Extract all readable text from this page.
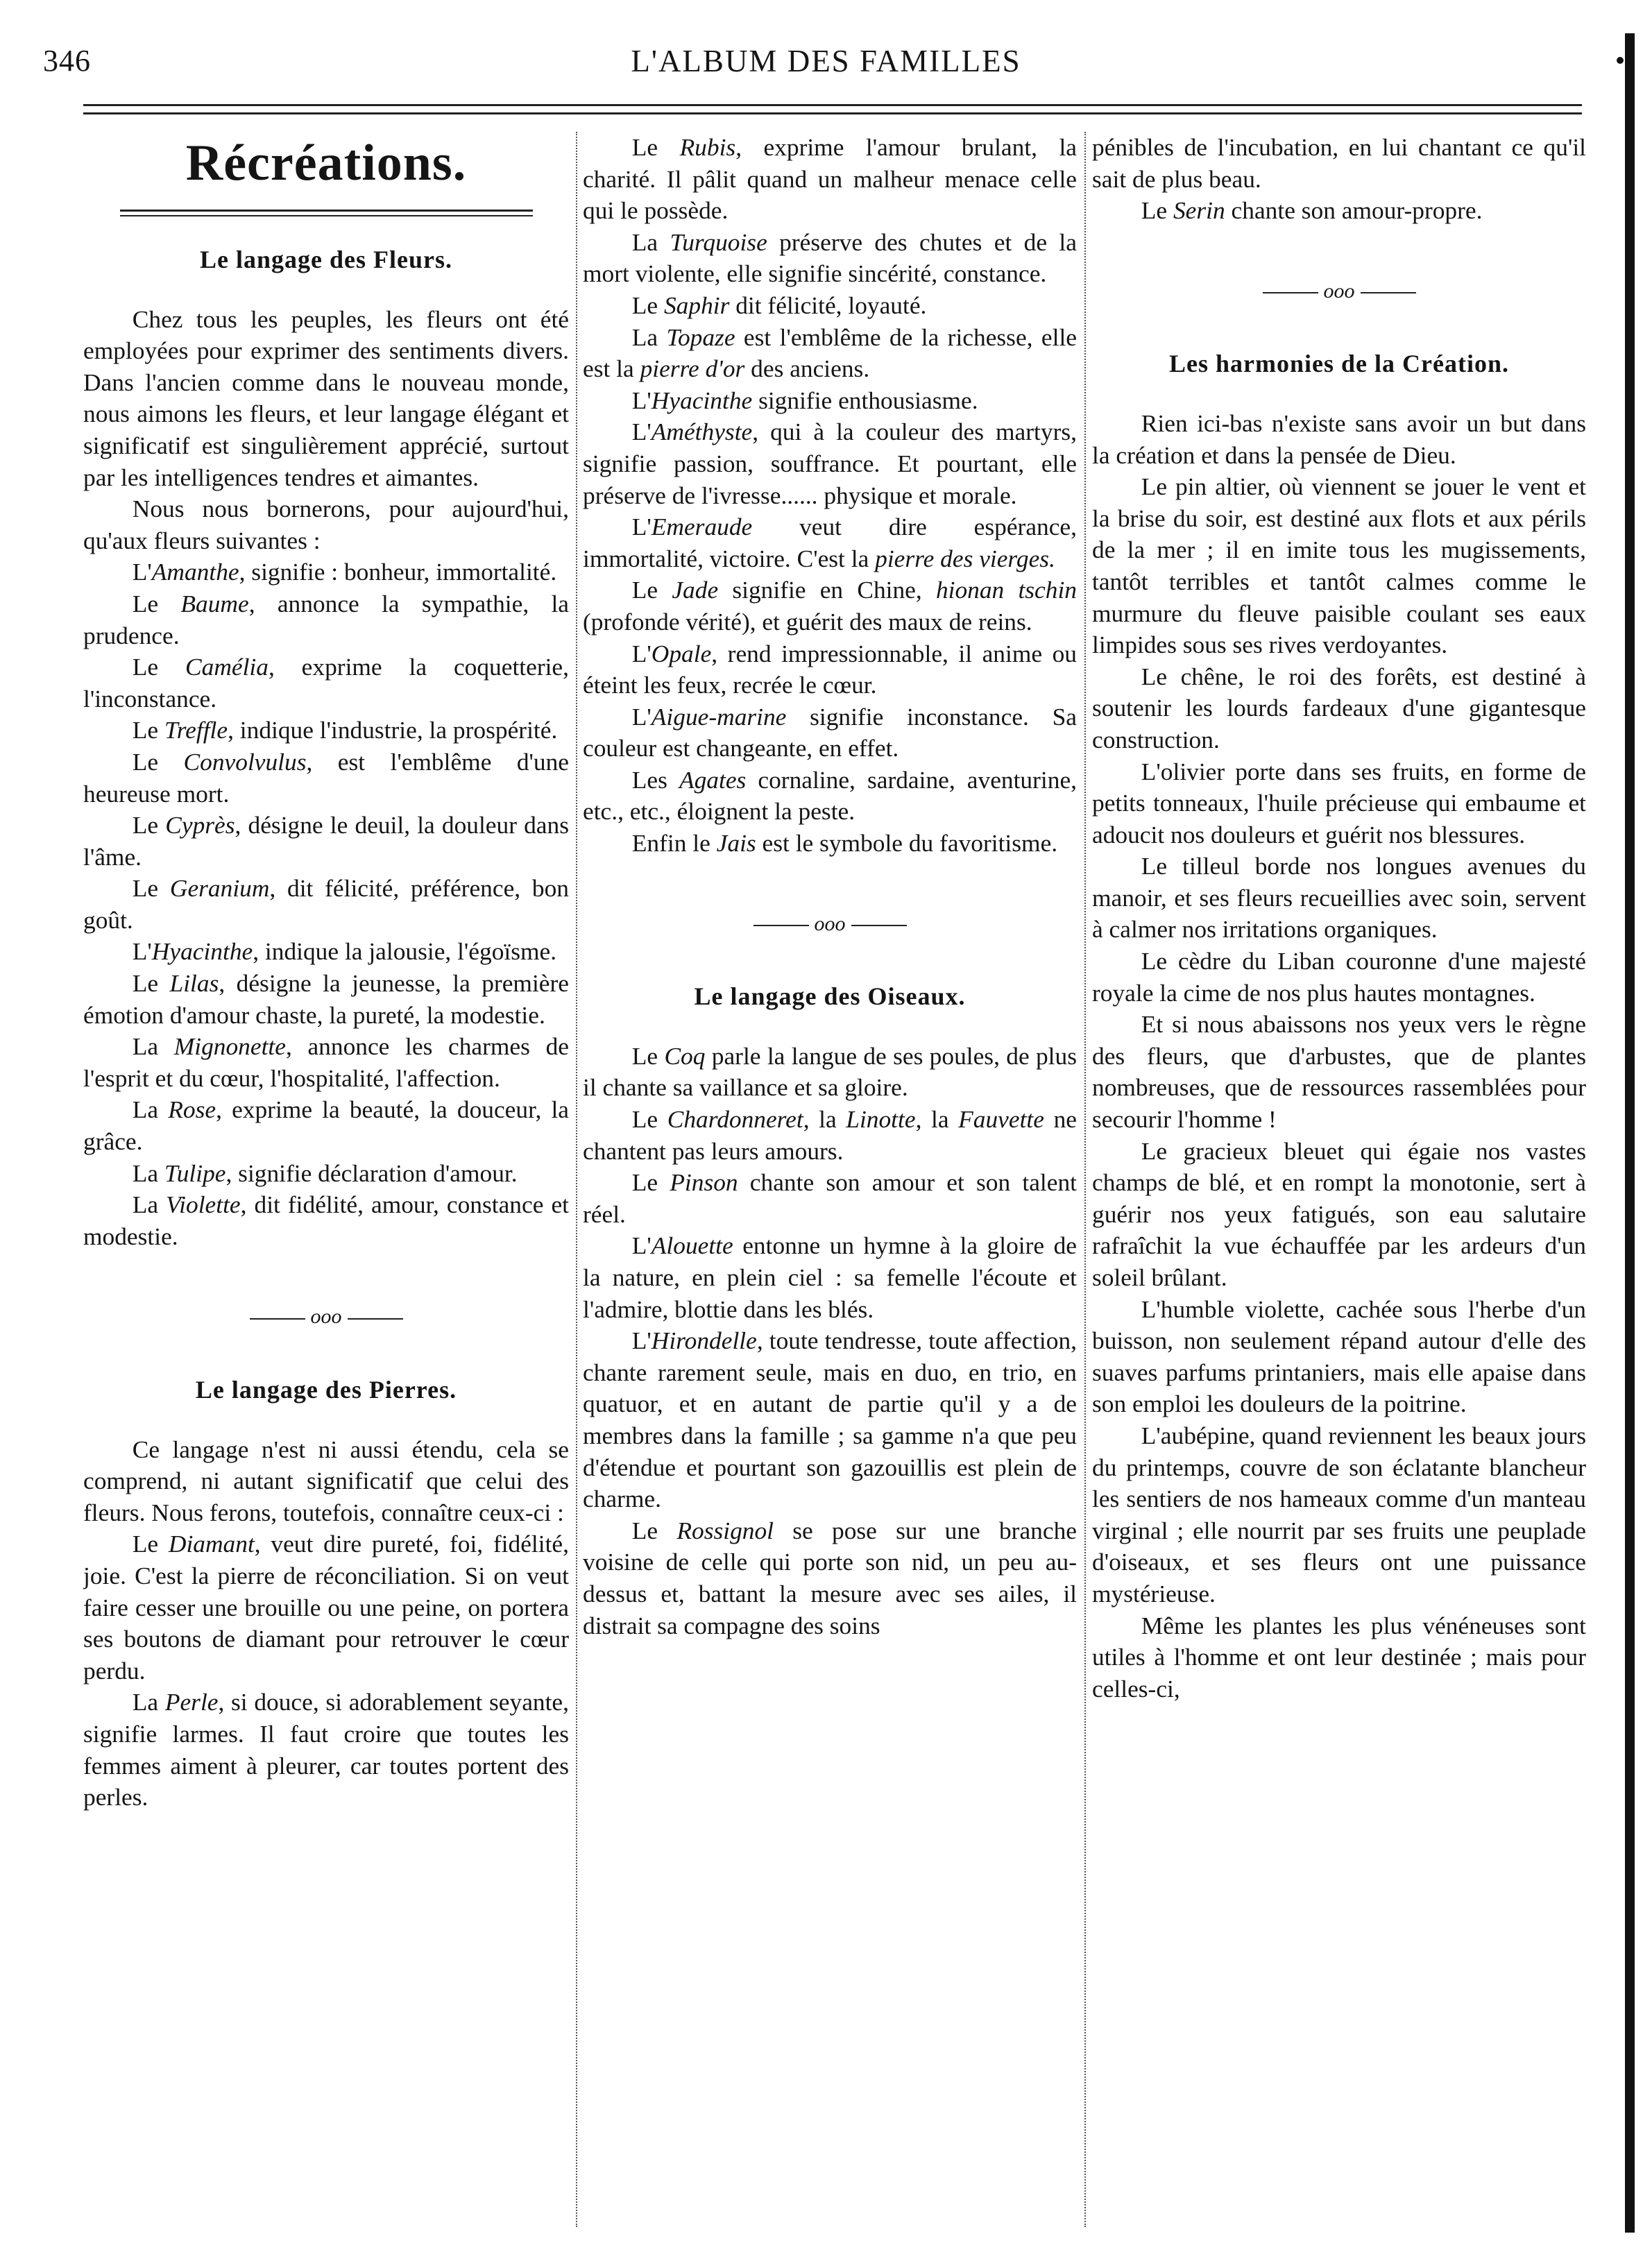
346	L'ALBUM DES FAMILLES
Récréations.
Le langage des Fleurs.

Chez tous les peuples, les fleurs ont été employées pour exprimer des sentiments divers. Dans l'ancien comme dans le nouveau monde, nous aimons les fleurs, et leur langage élégant et significatif est singulièrement apprécié, surtout par les intelligences tendres et aimantes.

Nous nous bornerons, pour aujourd'hui, qu'aux fleurs suivantes :

L'Amanthe, signifie : bonheur, immortalité.

Le Baume, annonce la sympathie, la prudence.

Le Camélia, exprime la coquetterie, l'inconstance.

Le Treffle, indique l'industrie, la prospérité.

Le Convolvulus, est l'emblême d'une heureuse mort.

Le Cyprès, désigne le deuil, la douleur dans l'âme.

Le Geranium, dit félicité, préférence, bon goût.

L'Hyacinthe, indique la jalousie, l'égoïsme.

Le Lilas, désigne la jeunesse, la première émotion d'amour chaste, la pureté, la modestie.

La Mignonette, annonce les charmes de l'esprit et du cœur, l'hospitalité, l'affection.

La Rose, exprime la beauté, la douceur, la grâce.

La Tulipe, signifie déclaration d'amour.

La Violette, dit fidélité, amour, constance et modestie.

ooo
Le langage des Pierres.

Ce langage n'est ni aussi étendu, cela se comprend, ni autant significatif que celui des fleurs. Nous ferons, toutefois, connaître ceux-ci :

Le Diamant, veut dire pureté, foi, fidélité, joie. C'est la pierre de réconciliation. Si on veut faire cesser une brouille ou une peine, on portera ses boutons de diamant pour retrouver le cœur perdu.

La Perle, si douce, si adorablement seyante, signifie larmes. Il faut croire que toutes les femmes aiment à pleurer, car toutes portent des perles.

Le Rubis, exprime l'amour brulant, la charité. Il pâlit quand un malheur menace celle qui le possède.

La Turquoise préserve des chutes et de la mort violente, elle signifie sincérité, constance.

Le Saphir dit félicité, loyauté.

La Topaze est l'emblême de la richesse, elle est la pierre d'or des anciens.

L'Hyacinthe signifie enthousiasme.

L'Améthyste, qui à la couleur des martyrs, signifie passion, souffrance. Et pourtant, elle préserve de l'ivresse...... physique et morale.

L'Emeraude veut dire espérance, immortalité, victoire. C'est la pierre des vierges.

Le Jade signifie en Chine, hionan tschin (profonde vérité), et guérit des maux de reins.

L'Opale, rend impressionnable, il anime ou éteint les feux, recrée le cœur.

L'Aigue-marine signifie inconstance. Sa couleur est changeante, en effet.

Les Agates cornaline, sardaine, aventurine, etc., etc., éloignent la peste.

Enfin le Jais est le symbole du favoritisme.

ooo
Le langage des Oiseaux.

Le Coq parle la langue de ses poules, de plus il chante sa vaillance et sa gloire.

Le Chardonneret, la Linotte, la Fauvette ne chantent pas leurs amours.

Le Pinson chante son amour et son talent réel.

L'Alouette entonne un hymne à la gloire de la nature, en plein ciel : sa femelle l'écoute et l'admire, blottie dans les blés.

L'Hirondelle, toute tendresse, toute affection, chante rarement seule, mais en duo, en trio, en quatuor, et en autant de partie qu'il y a de membres dans la famille ; sa gamme n'a que peu d'étendue et pourtant son gazouillis est plein de charme.

Le Rossignol se pose sur une branche voisine de celle qui porte son nid, un peu au-dessus et, battant la mesure avec ses ailes, il distrait sa compagne des soins

pénibles de l'incubation, en lui chantant ce qu'il sait de plus beau.

Le Serin chante son amour-propre.

ooo
Les harmonies de la Création.

Rien ici-bas n'existe sans avoir un but dans la création et dans la pensée de Dieu.

Le pin altier, où viennent se jouer le vent et la brise du soir, est destiné aux flots et aux périls de la mer ; il en imite tous les mugissements, tantôt terribles et tantôt calmes comme le murmure du fleuve paisible coulant ses eaux limpides sous ses rives verdoyantes.

Le chêne, le roi des forêts, est destiné à soutenir les lourds fardeaux d'une gigantesque construction.

L'olivier porte dans ses fruits, en forme de petits tonneaux, l'huile précieuse qui embaume et adoucit nos douleurs et guérit nos blessures.

Le tilleul borde nos longues avenues du manoir, et ses fleurs recueillies avec soin, servent à calmer nos irritations organiques.

Le cèdre du Liban couronne d'une majesté royale la cime de nos plus hautes montagnes.

Et si nous abaissons nos yeux vers le règne des fleurs, que d'arbustes, que de plantes nombreuses, que de ressources rassemblées pour secourir l'homme !

Le gracieux bleuet qui égaie nos vastes champs de blé, et en rompt la monotonie, sert à guérir nos yeux fatigués, son eau salutaire rafraîchit la vue échauffée par les ardeurs d'un soleil brûlant.

L'humble violette, cachée sous l'herbe d'un buisson, non seulement répand autour d'elle des suaves parfums printaniers, mais elle apaise dans son emploi les douleurs de la poitrine.

L'aubépine, quand reviennent les beaux jours du printemps, couvre de son éclatante blancheur les sentiers de nos hameaux comme d'un manteau virginal ; elle nourrit par ses fruits une peuplade d'oiseaux, et ses fleurs ont une puissance mystérieuse.

Même les plantes les plus vénéneuses sont utiles à l'homme et ont leur destinée ; mais pour celles-ci,
